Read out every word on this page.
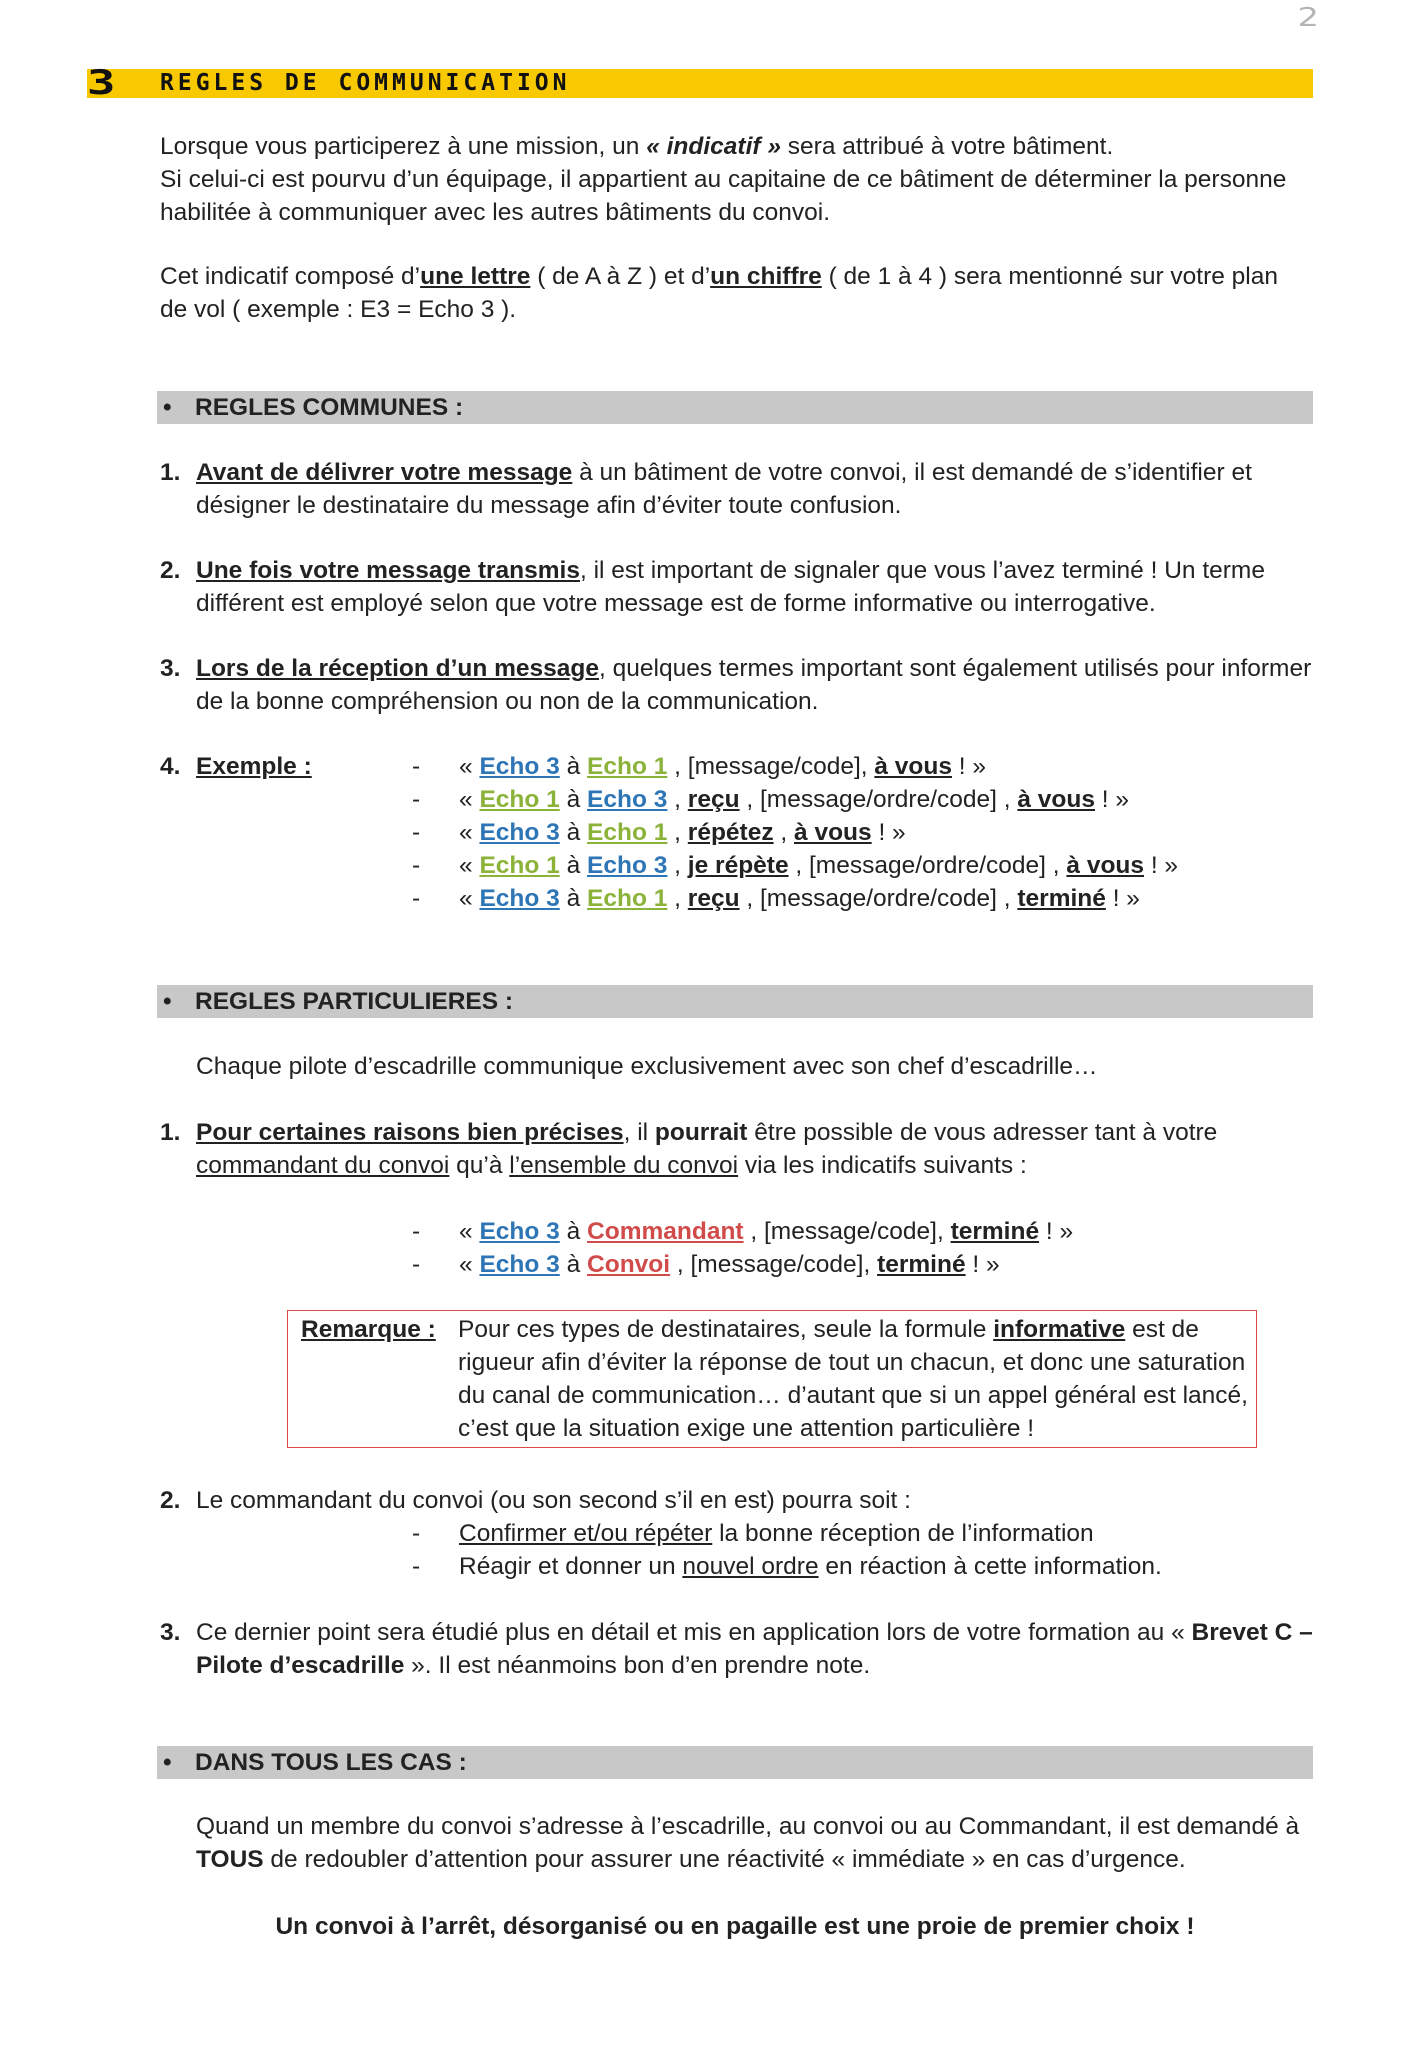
2
3 REGLES DE COMMUNICATION

Lorsque vous participerez à une mission, un « indicatif » sera attribué à votre bâtiment.

Si celui-ci est pourvu d’un équipage, il appartient au capitaine de ce bâtiment de déterminer la personne habilitée à communiquer avec les autres bâtiments du convoi.

Cet indicatif composé d’une lettre ( de A à Z ) et d’un chiffre ( de 1 à 4 ) sera mentionné sur votre plan de vol ( exemple : E3 = Echo 3 ).

• REGLES COMMUNES :
1. Avant de délivrer votre message à un bâtiment de votre convoi, il est demandé de s’identifier et désigner le destinataire du message afin d’éviter toute confusion.
2. Une fois votre message transmis, il est important de signaler que vous l’avez terminé ! Un terme différent est employé selon que votre message est de forme informative ou interrogative.
3. Lors de la réception d’un message, quelques termes important sont également utilisés pour informer de la bonne compréhension ou non de la communication.
4. Exemple :	- « Echo 3 à Echo 1 , [message/code], à vous ! »
- « Echo 1 à Echo 3 , reçu , [message/ordre/code] , à vous ! »
- « Echo 3 à Echo 1 , répétez , à vous ! »
- « Echo 1 à Echo 3 , je répète , [message/ordre/code] , à vous ! »
- « Echo 3 à Echo 1 , reçu , [message/ordre/code] , terminé ! »
• REGLES PARTICULIERES :
Chaque pilote d’escadrille communique exclusivement avec son chef d’escadrille…
1. Pour certaines raisons bien précises, il pourrait être possible de vous adresser tant à votre commandant du convoi qu’à l’ensemble du convoi via les indicatifs suivants :
- « Echo 3 à Commandant , [message/code], terminé ! »
- « Echo 3 à Convoi , [message/code], terminé ! »
Remarque : Pour ces types de destinataires, seule la formule informative est de rigueur afin d’éviter la réponse de tout un chacun, et donc une saturation du canal de communication… d’autant que si un appel général est lancé, c’est que la situation exige une attention particulière !
2. Le commandant du convoi (ou son second s’il en est) pourra soit :
- Confirmer et/ou répéter la bonne réception de l’information
- Réagir et donner un nouvel ordre en réaction à cette information.
3. Ce dernier point sera étudié plus en détail et mis en application lors de votre formation au « Brevet C – Pilote d’escadrille ». Il est néanmoins bon d’en prendre note.
• DANS TOUS LES CAS :
Quand un membre du convoi s’adresse à l’escadrille, au convoi ou au Commandant, il est demandé à TOUS de redoubler d’attention pour assurer une réactivité « immédiate » en cas d’urgence.
Un convoi à l’arrêt, désorganisé ou en pagaille est une proie de premier choix !
